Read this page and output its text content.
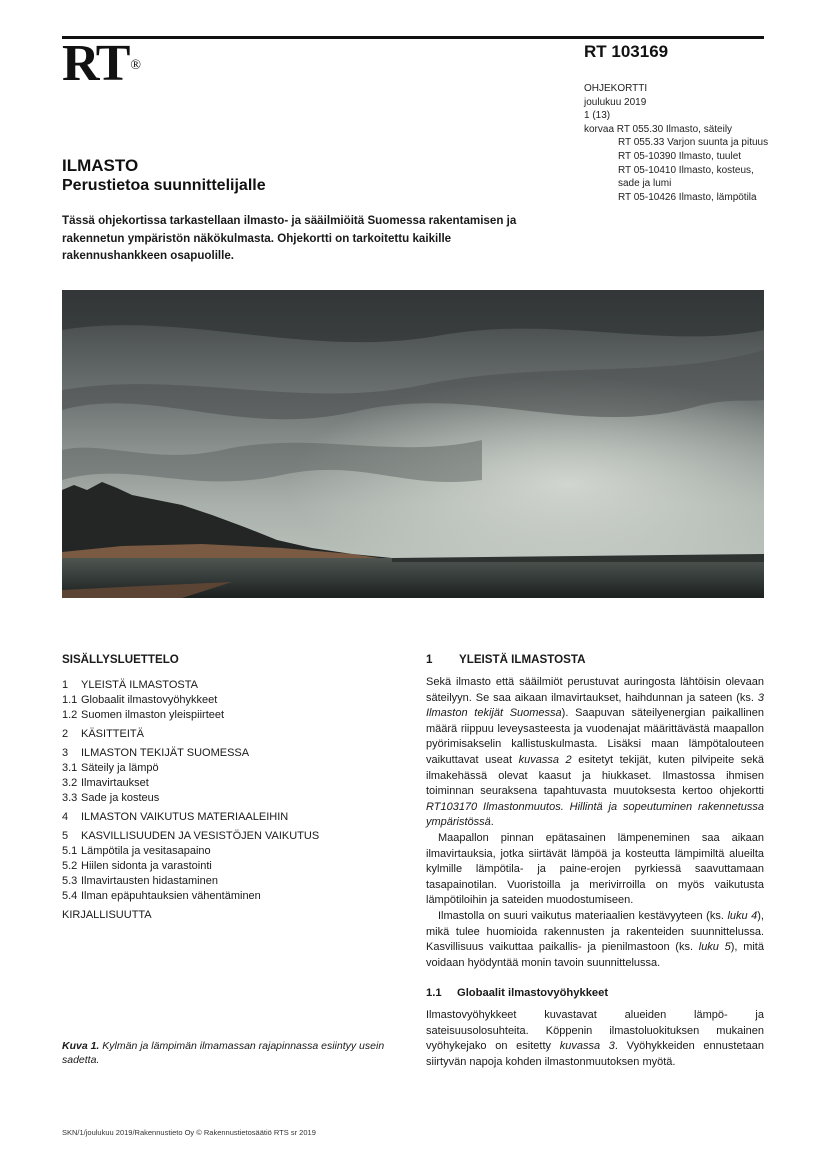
RT ®
RT 103169
OHJEKORTTI
joulukuu 2019
1 (13)
korvaa RT 055.30 Ilmasto, säteily
RT 055.33 Varjon suunta ja pituus
RT 05-10390 Ilmasto, tuulet
RT 05-10410 Ilmasto, kosteus,
sade ja lumi
RT 05-10426 Ilmasto, lämpötila
ILMASTO
Perustietoa suunnittelijalle
Tässä ohjekortissa tarkastellaan ilmasto- ja sääilmiöitä Suomessa rakentamisen ja rakennetun ympäristön näkökulmasta. Ohjekortti on tarkoitettu kaikille rakennushankkeen osapuolille.
SISÄLLYSLUETTELO
1 YLEISTÄ ILMASTOSTA
1.1 Globaalit ilmastovyöhykkeet
1.2 Suomen ilmaston yleispiirteet
2 KÄSITTEITÄ
3 ILMASTON TEKIJÄT SUOMESSA
3.1 Säteily ja lämpö
3.2 Ilmavirtaukset
3.3 Sade ja kosteus
4 ILMASTON VAIKUTUS MATERIAALEIHIN
5 KASVILLISUUDEN JA VESISTÖJEN VAIKUTUS
5.1 Lämpötila ja vesitasapaino
5.2 Hiilen sidonta ja varastointi
5.3 Ilmavirtausten hidastaminen
5.4 Ilman epäpuhtauksien vähentäminen
KIRJALLISUUTTA
Kuva 1. Kylmän ja lämpimän ilmamassan rajapinnassa esiintyy usein sadetta.
1 YLEISTÄ ILMASTOSTA

Sekä ilmasto että sääilmiöt perustuvat auringosta lähtöisin olevaan säteilyyn. Se saa aikaan ilmavirtaukset, haihdunnan ja sateen (ks. 3 Ilmaston tekijät Suomessa). Saapuvan säteilyenergian paikallinen määrä riippuu leveysasteesta ja vuodenajat määrittävästä maapallon pyörimisakselin kallistuskulmasta. Lisäksi maan lämpötalouteen vaikuttavat useat kuvassa 2 esitetyt tekijät, kuten pilvipeite sekä ilmakehässä olevat kaasut ja hiukkaset. Ilmastossa ihmisen toiminnan seuraksena tapahtuvasta muutoksesta kertoo ohjekortti RT103170 Ilmastonmuutos. Hillintä ja sopeutuminen rakennetussa ympäristössä.

Maapallon pinnan epätasainen lämpeneminen saa aikaan ilmavirtauksia, jotka siirtävät lämpöä ja kosteutta lämpimiltä alueilta kylmille lämpötila- ja paine-erojen pyrkiessä saavuttamaan tasapainotilan. Vuoristoilla ja merivirroilla on myös vaikutusta lämpötiloihin ja sateiden muodostumiseen.

Ilmastolla on suuri vaikutus materiaalien kestävyyteen (ks. luku 4), mikä tulee huomioida rakennusten ja rakenteiden suunnittelussa. Kasvillisuus vaikuttaa paikallis- ja pienilmastoon (ks. luku 5), mitä voidaan hyödyntää monin tavoin suunnittelussa.

1.1 Globaalit ilmastovyöhykkeet
Ilmastovyöhykkeet kuvastavat alueiden lämpö- ja sateisuusolosuhteita. Köppenin ilmastoluokituksen mukainen vyöhykejako on esitetty kuvassa 3. Vyöhykkeiden ennustetaan siirtyvän napoja kohden ilmastonmuutoksen myötä.
SKN/1/joulukuu 2019/Rakennustieto Oy © Rakennustietosäätiö RTS sr 2019
